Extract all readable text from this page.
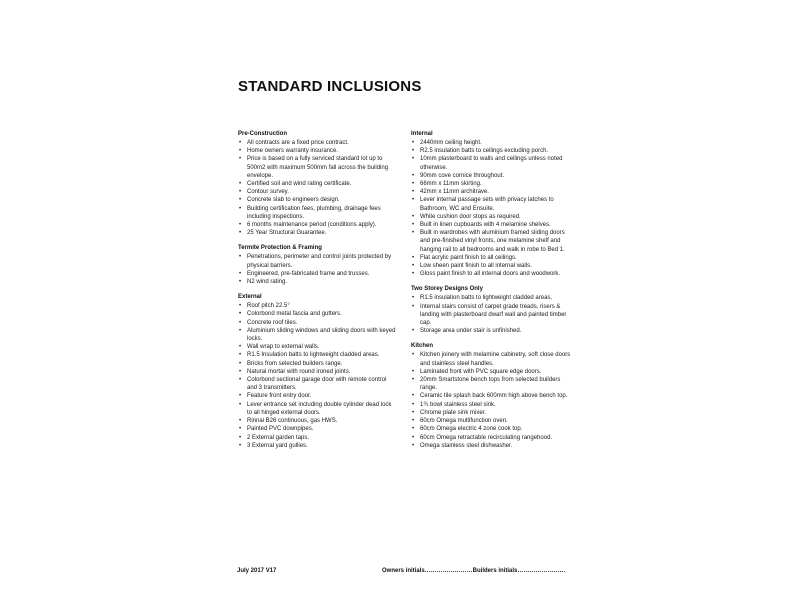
STANDARD INCLUSIONS
Pre-Construction
• All contracts are a fixed price contract.
• Home owners warranty insurance.
• Price is based on a fully serviced standard lot up to 500m2 with maximum 500mm fall across the building envelope.
• Certified soil and wind rating certificate.
• Contour survey.
• Concrete slab to engineers design.
• Building certification fees, plumbing, drainage fees including inspections.
• 6 months maintenance period (conditions apply).
• 25 Year Structural Guarantee.
Termite Protection & Framing
• Penetrations, perimeter and control joints protected by physical barriers.
• Engineered, pre-fabricated frame and trusses.
• N2 wind rating.
External
• Roof pitch 22.5°
• Colorbond metal fascia and gutters.
• Concrete roof tiles.
• Aluminium sliding windows and sliding doors with keyed locks.
• Wall wrap to external walls.
• R1.5 Insulation batts to lightweight cladded areas.
• Bricks from selected builders range.
• Natural mortar with round ironed joints.
• Colorbond sectional garage door with remote control and 3 transmitters.
• Feature front entry door.
• Lever entrance set including double cylinder dead lock to all hinged external doors.
• Rinnai B26 continuous, gas HWS.
• Painted PVC downpipes.
• 2 External garden taps.
• 3 External yard gullies.
Internal
• 2440mm ceiling height.
• R2.5 insulation batts to ceilings excluding porch.
• 10mm plasterboard to walls and ceilings unless noted otherwise.
• 90mm cove cornice throughout.
• 66mm x 11mm skirting.
• 42mm x 11mm architrave.
• Lever internal passage sets with privacy latches to Bathroom, WC and Ensuite.
• White cushion door stops as required.
• Built in linen cupboards with 4 melamine shelves.
• Built in wardrobes with aluminium framed sliding doors and pre-finished vinyl fronts, one melamine shelf and hanging rail to all bedrooms and walk in robe to Bed 1.
• Flat acrylic paint finish to all ceilings.
• Low sheen paint finish to all internal walls.
• Gloss paint finish to all internal doors and woodwork.
Two Storey Designs Only
• R1.5 insulation batts to lightweight cladded areas.
• Internal stairs consist of carpet grade treads, risers & landing with plasterboard dwarf wall and painted timber cap.
• Storage area under stair is unfinished.
Kitchen
• Kitchen joinery with melamine cabinetry, soft close doors and stainless steel handles.
• Laminated front with PVC square edge doors.
• 20mm Smartstone bench tops from selected builders range.
• Ceramic tile splash back 600mm high above bench top.
• 1¾ bowl stainless steel sink.
• Chrome plate sink mixer.
• 60cm Omega multifunction oven.
• 60cm Omega electric 4 zone cook top.
• 60cm Omega retractable recirculating rangehood.
• Omega stainless steel dishwasher.
July 2017 V17	Owners initials……………………Builders initials……………………
